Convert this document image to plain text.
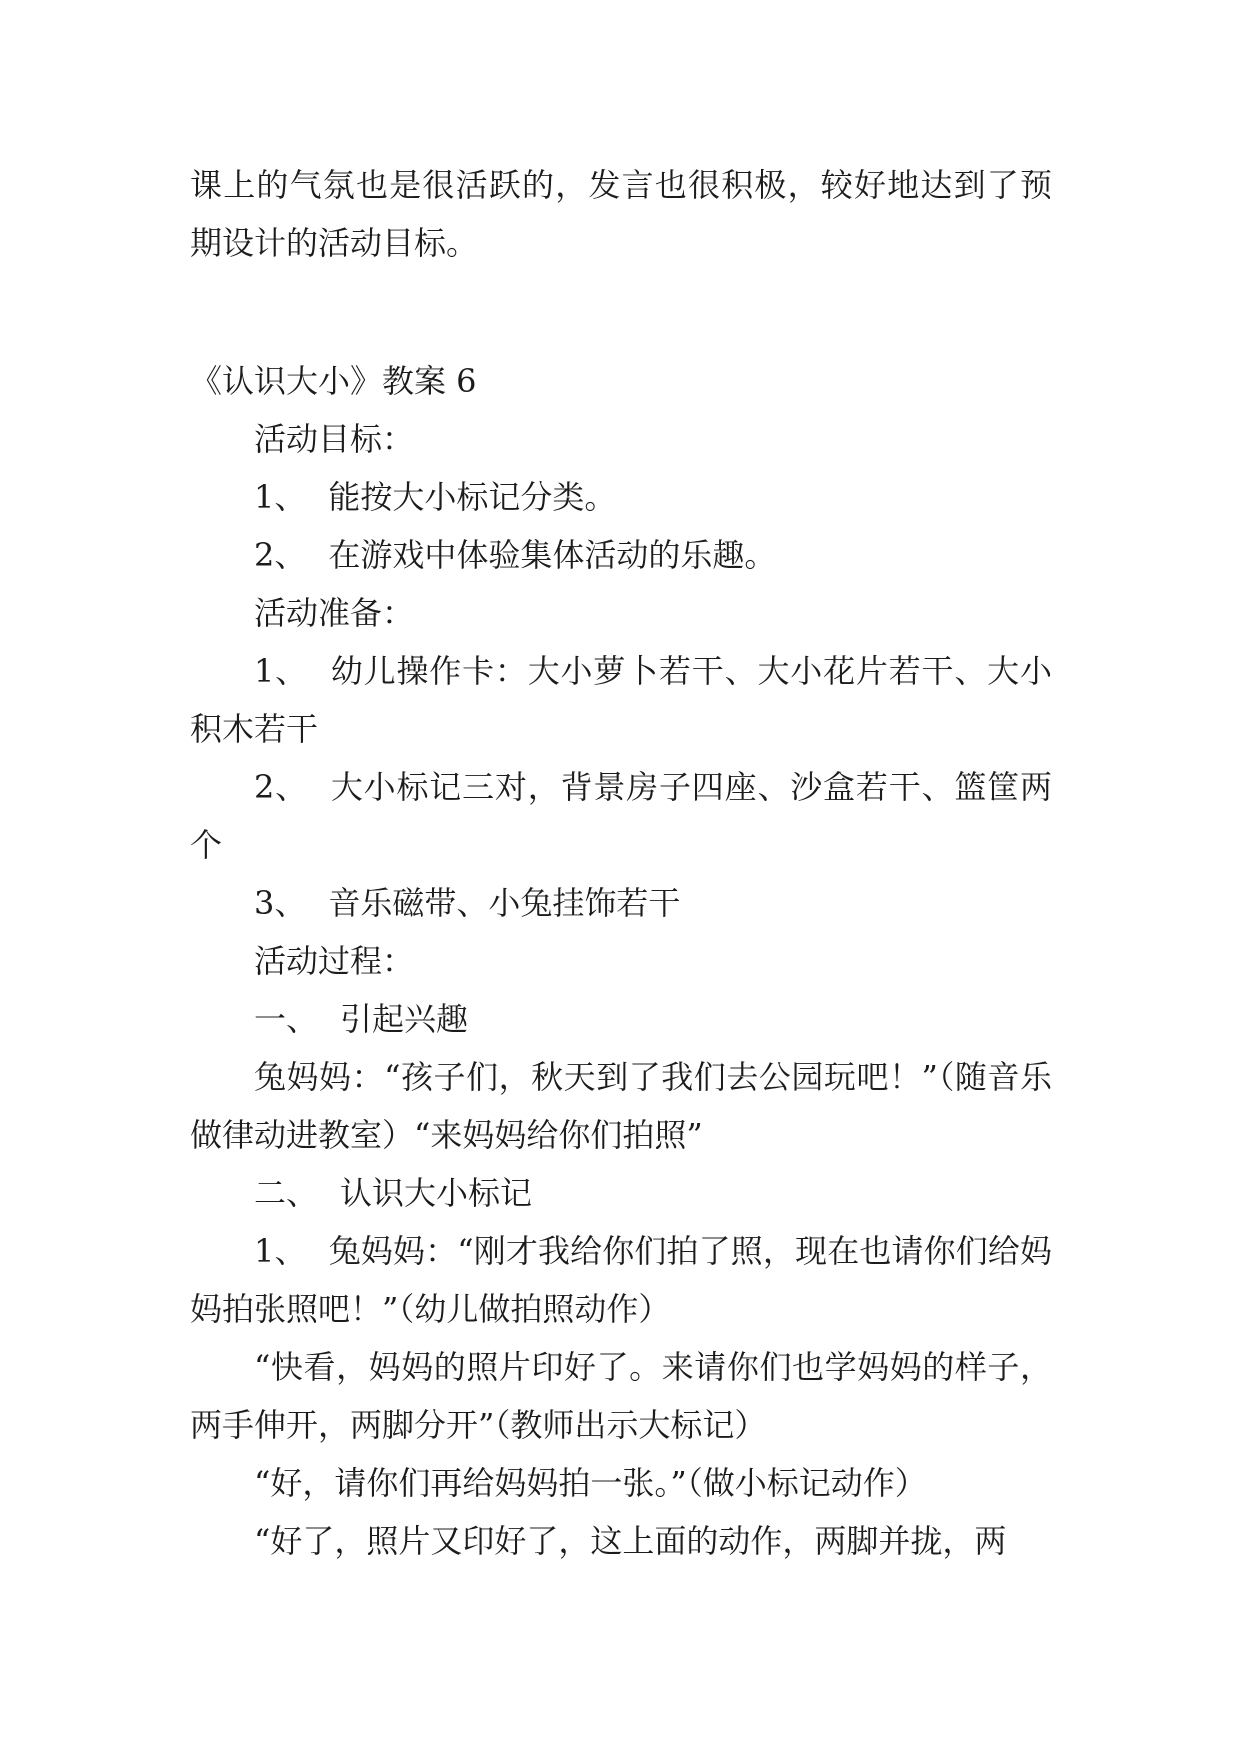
课上的气氛也是很活跃的，发言也很积极，较好地达到了预期设计的活动目标。

《认识大小》教案 6

活动目标：

1、 能按大小标记分类。

2、 在游戏中体验集体活动的乐趣。

活动准备：

1、 幼儿操作卡：大小萝卜若干、大小花片若干、大小积木若干

2、 大小标记三对，背景房子四座、沙盒若干、篮筐两个

3、 音乐磁带、小兔挂饰若干

活动过程：

一、 引起兴趣

兔妈妈：“孩子们，秋天到了我们去公园玩吧！”（随音乐做律动进教室）“来妈妈给你们拍照”

二、 认识大小标记

1、 兔妈妈：“刚才我给你们拍了照，现在也请你们给妈妈拍张照吧！”（幼儿做拍照动作）

“快看，妈妈的照片印好了。来请你们也学妈妈的样子，两手伸开，两脚分开”（教师出示大标记）

“好，请你们再给妈妈拍一张。”（做小标记动作）

“好了，照片又印好了，这上面的动作，两脚并拢，两
